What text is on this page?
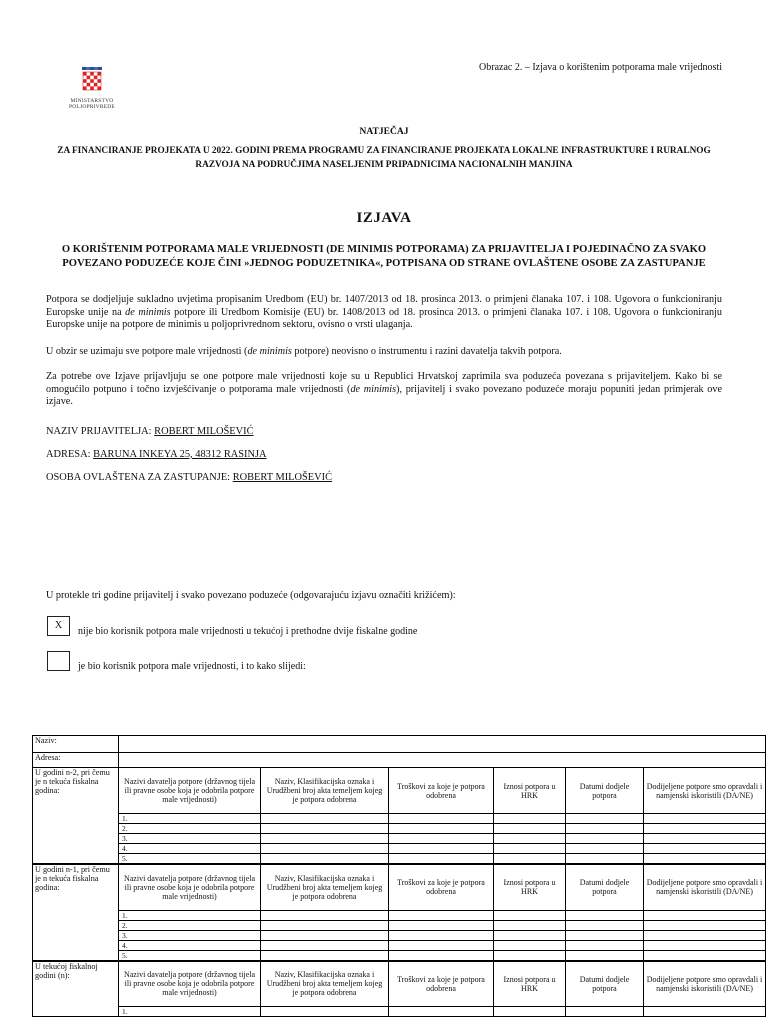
MINISTARSTVO POLJOPRIVREDE
Obrazac 2. – Izjava o korištenim potporama male vrijednosti
NATJEČAJ
ZA FINANCIRANJE PROJEKATA U 2022. GODINI PREMA PROGRAMU ZA FINANCIRANJE PROJEKATA LOKALNE INFRASTRUKTURE I RURALNOG RAZVOJA NA PODRUČJIMA NASELJENIM PRIPADNICIMA NACIONALNIH MANJINA
IZJAVA
O KORIŠTENIM POTPORAMA MALE VRIJEDNOSTI (DE MINIMIS POTPORAMA) ZA PRIJAVITELJA I POJEDINAČNO ZA SVAKO POVEZANO PODUZEĆE KOJE ČINI »JEDNOG PODUZETNIKA«, POTPISANA OD STRANE OVLAŠTENE OSOBE ZA ZASTUPANJE
Potpora se dodjeljuje sukladno uvjetima propisanim Uredbom (EU) br. 1407/2013 od 18. prosinca 2013. o primjeni članaka 107. i 108. Ugovora o funkcioniranju Europske unije na de minimis potpore ili Uredbom Komisije (EU) br. 1408/2013 od 18. prosinca 2013. o primjeni članaka 107. i 108. Ugovora o funkcioniranju Europske unije na potpore de minimis u poljoprivrednom sektoru, ovisno o vrsti ulaganja.
U obzir se uzimaju sve potpore male vrijednosti (de minimis potpore) neovisno o instrumentu i razini davatelja takvih potpora.
Za potrebe ove Izjave prijavljuju se one potpore male vrijednosti koje su u Republici Hrvatskoj zaprimila sva poduzeća povezana s prijaviteljem. Kako bi se omogućilo potpuno i točno izvješćivanje o potporama male vrijednosti (de minimis), prijavitelj i svako povezano poduzeće moraju popuniti jedan primjerak ove izjave.
NAZIV PRIJAVITELJA: ROBERT MILOŠEVIĆ
ADRESA: BARUNA INKEYA 25, 48312 RASINJA
OSOBA OVLAŠTENA ZA ZASTUPANJE: ROBERT MILOŠEVIĆ
U protekle tri godine prijavitelj i svako povezano poduzeće (odgovarajuću izjavu označiti križićem):
X
nije bio korisnik potpora male vrijednosti u tekućoj i prethodne dvije fiskalne godine
je bio korisnik potpora male vrijednosti, i to kako slijedi:
Naziv:						
Adresa:						
U godini n-2, pri čemu je n tekuća fiskalna godina:	Nazivi davatelja potpore (državnog tijela ili pravne osobe koja je odobrila potpore male vrijednosti)	Naziv, Klasifikacijska oznaka i Urudžbeni broj akta temeljem kojeg je potpora odobrena	Troškovi za koje je potpora odobrena	Iznosi potpora u HRK	Datumi dodjele potpora	Dodijeljene potpore smo opravdali i namjenski iskoristili (DA/NE)
	1.					
	2.					
	3.					
	4.					
	5.					
U godini n-1, pri čemu je n tekuća fiskalna godina:	Nazivi davatelja potpore (državnog tijela ili pravne osobe koja je odobrila potpore male vrijednosti)	Naziv, Klasifikacijska oznaka i Urudžbeni broj akta temeljem kojeg je potpora odobrena	Troškovi za koje je potpora odobrena	Iznosi potpora u HRK	Datumi dodjele potpora	Dodijeljene potpore smo opravdali i namjenski iskoristili (DA/NE)
	1.					
	2.					
	3.					
	4.					
	5.					
U tekućoj fiskalnoj godini (n):	Nazivi davatelja potpore (državnog tijela ili pravne osobe koja je odobrila potpore male vrijednosti)	Naziv, Klasifikacijska oznaka i Urudžbeni broj akta temeljem kojeg je potpora odobrena	Troškovi za koje je potpora odobrena	Iznosi potpora u HRK	Datumi dodjele potpora	Dodijeljene potpore smo opravdali i namjenski iskoristili (DA/NE)
	1.					
